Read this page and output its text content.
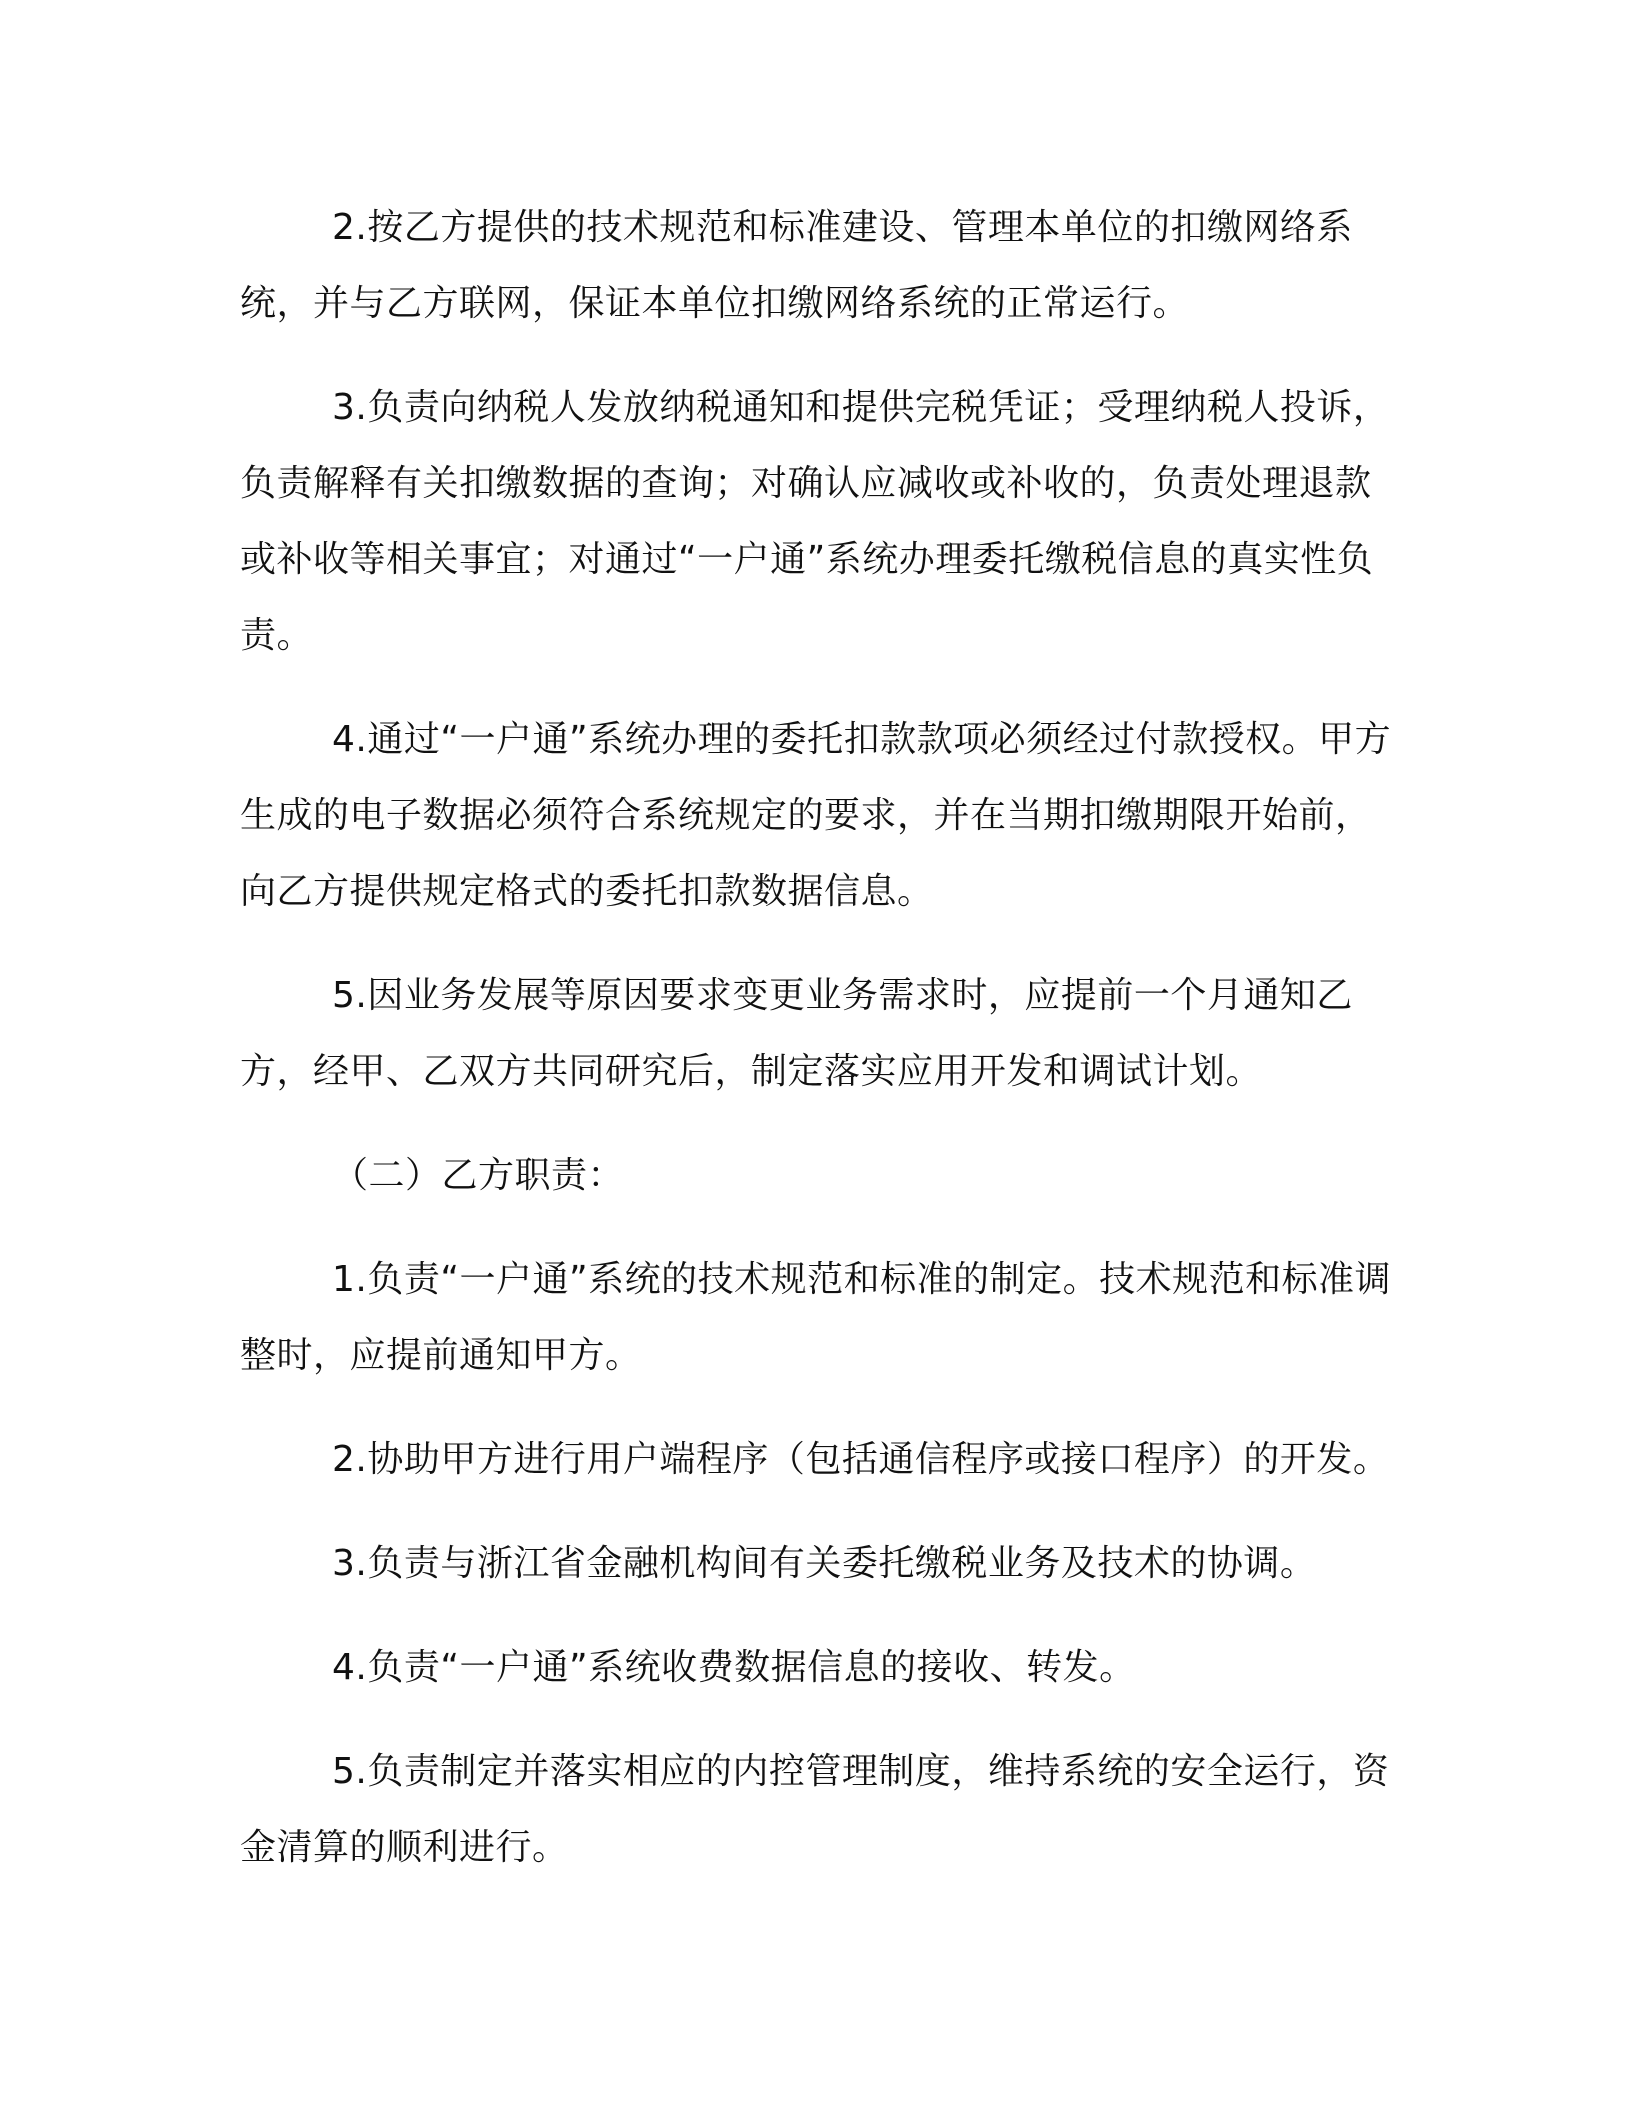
2.按乙方提供的技术规范和标准建设、管理本单位的扣缴网络系统，并与乙方联网，保证本单位扣缴网络系统的正常运行。

3.负责向纳税人发放纳税通知和提供完税凭证；受理纳税人投诉，负责解释有关扣缴数据的查询；对确认应减收或补收的，负责处理退款或补收等相关事宜；对通过“一户通”系统办理委托缴税信息的真实性负责。

4.通过“一户通”系统办理的委托扣款款项必须经过付款授权。甲方生成的电子数据必须符合系统规定的要求，并在当期扣缴期限开始前，向乙方提供规定格式的委托扣款数据信息。

5.因业务发展等原因要求变更业务需求时，应提前一个月通知乙方，经甲、乙双方共同研究后，制定落实应用开发和调试计划。

（二）乙方职责：

1.负责“一户通”系统的技术规范和标准的制定。技术规范和标准调整时，应提前通知甲方。

2.协助甲方进行用户端程序（包括通信程序或接口程序）的开发。

3.负责与浙江省金融机构间有关委托缴税业务及技术的协调。

4.负责“一户通”系统收费数据信息的接收、转发。

5.负责制定并落实相应的内控管理制度，维持系统的安全运行，资金清算的顺利进行。
